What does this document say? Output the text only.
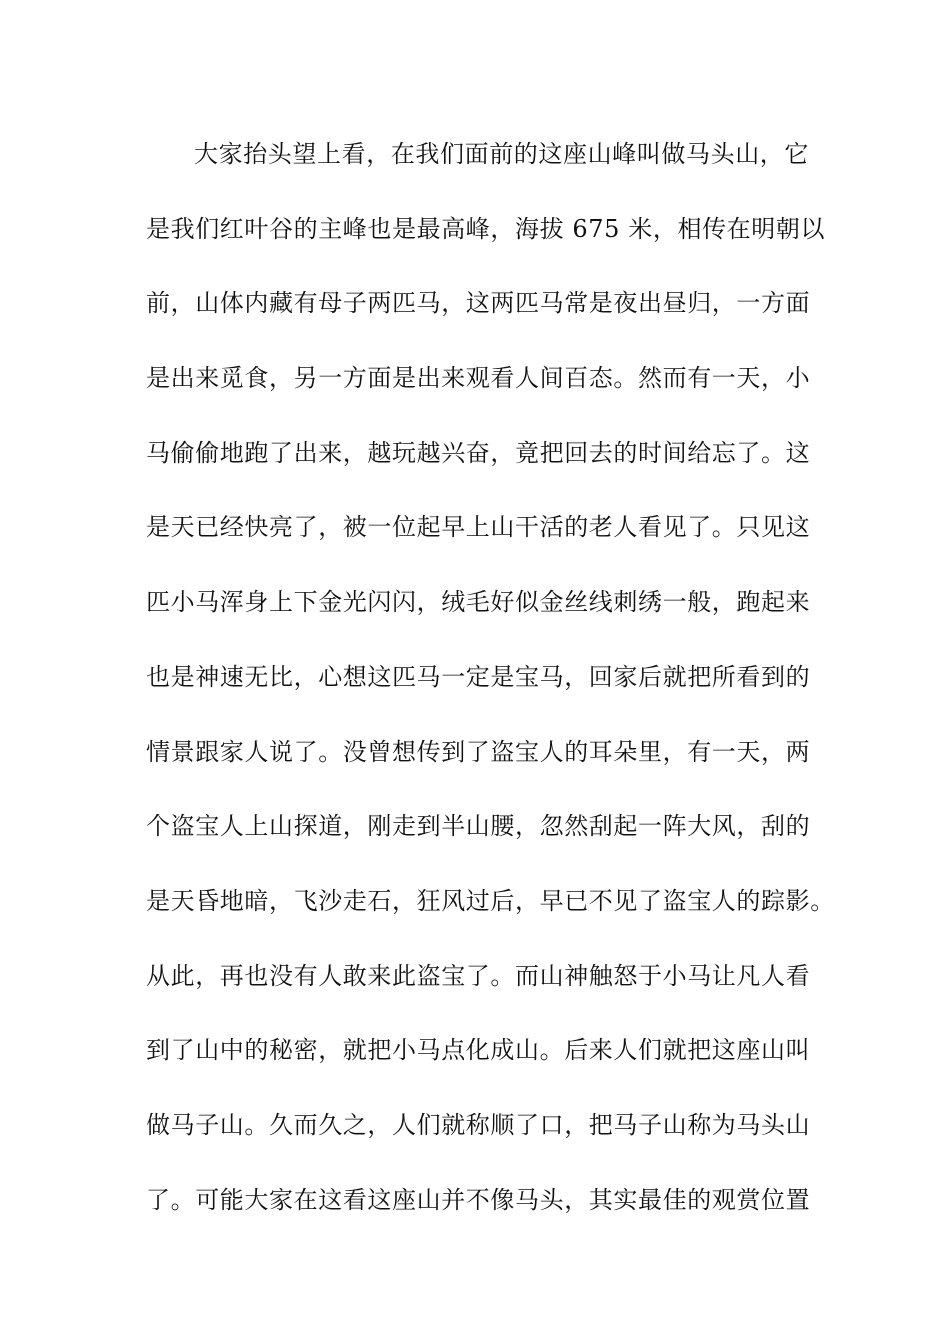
大家抬头望上看，在我们面前的这座山峰叫做马头山，它
是我们红叶谷的主峰也是最高峰，海拔 675 米，相传在明朝以
前，山体内藏有母子两匹马，这两匹马常是夜出昼归，一方面
是出来觅食，另一方面是出来观看人间百态。然而有一天，小
马偷偷地跑了出来，越玩越兴奋，竟把回去的时间给忘了。这
是天已经快亮了，被一位起早上山干活的老人看见了。只见这
匹小马浑身上下金光闪闪，绒毛好似金丝线刺绣一般，跑起来
也是神速无比，心想这匹马一定是宝马，回家后就把所看到的
情景跟家人说了。没曾想传到了盗宝人的耳朵里，有一天，两
个盗宝人上山探道，刚走到半山腰，忽然刮起一阵大风，刮的
是天昏地暗，飞沙走石，狂风过后，早已不见了盗宝人的踪影。
从此，再也没有人敢来此盗宝了。而山神触怒于小马让凡人看
到了山中的秘密，就把小马点化成山。后来人们就把这座山叫
做马子山。久而久之，人们就称顺了口，把马子山称为马头山
了。可能大家在这看这座山并不像马头，其实最佳的观赏位置
